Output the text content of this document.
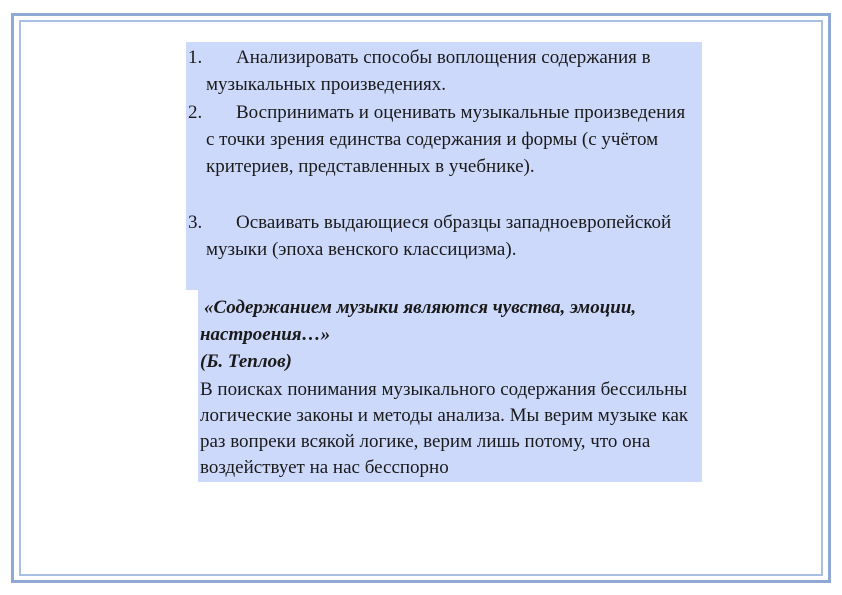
1.	Анализировать способы воплощения содержания в музыкальных произведениях.
2.	Воспринимать и оценивать музыкальные произведения с точки зрения единства содержания и формы (с учётом критериев, представленных в учебнике).
3.	Осваивать выдающиеся образцы западноевропейской музыки (эпоха венского классицизма).
«Содержанием музыки являются чувства, эмоции, настроения…»
(Б. Теплов)
В поисках понимания музыкального содержания бессильны логические законы и методы анализа. Мы верим музыке как раз вопреки всякой логике, верим лишь потому, что она воздействует на нас бесспорно
